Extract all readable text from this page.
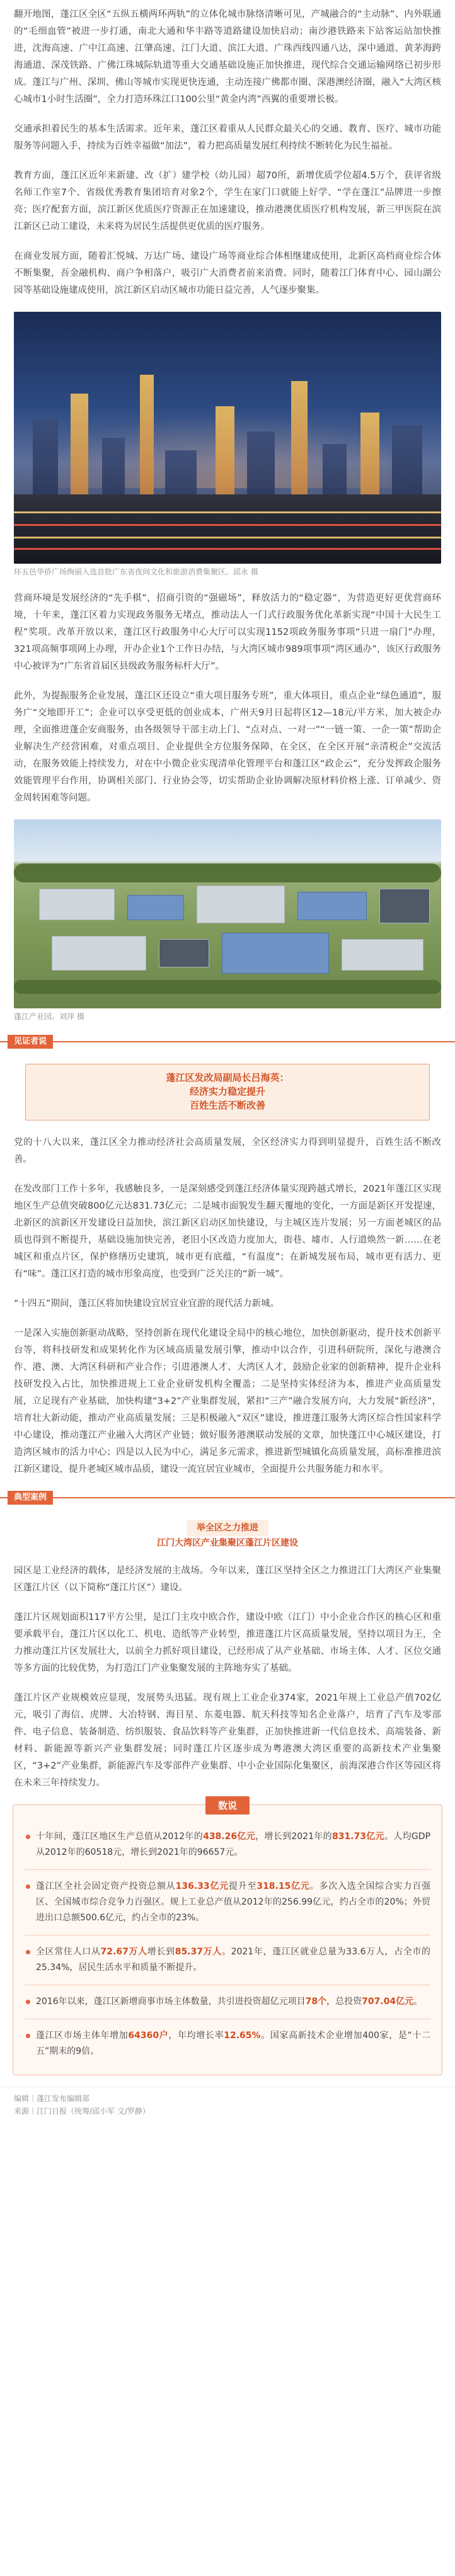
翻开地图，蓬江区全区“五纵五横两环两轨”的立体化城市脉络清晰可见，产城融合的“主动脉”、内外联通的“毛细血管”被进一步打通，南北大通和华丰路等道路建设加快启动；南沙港铁路来下站客运站加快推进，沈海高速、广中江高速、江肇高速、江门大道、滨江大道、广珠西线四通八达，深中通道、黄茅海跨海通道、深茂铁路、广佛江珠城际轨道等重大交通基础设施正加快推进，现代综合交通运输网络已初步形成。蓬江与广州、深圳、佛山等城市实现更快连通，主动连接广佛都市圈、深港澳经济圈，融入“大湾区核心城市1小时生活圈”，全力打造环珠江口100公里“黄金内湾”西翼的重要增长极。

交通承担着民生的基本生活需求。近年来，蓬江区着重从人民群众最关心的交通、教育、医疗、城市功能服务等问题入手，持续为百姓幸福做“加法”，着力把高质量发展红利持续不断转化为民生福祉。

教育方面，蓬江区近年来新建、改（扩）建学校（幼儿园）超70所，新增优质学位超4.5万个，获评省级名师工作室7个、省级优秀教育集团培育对象2个，学生在家门口就能上好学、“学在蓬江”品牌进一步擦亮；医疗配套方面，滨江新区优质医疗资源正在加速建设，推动港澳优质医疗机构发展，新三甲医院在滨江新区已动工建设，未来将为居民生活提供更优质的医疗服务。

在商业发展方面，随着汇悦城、万达广场、建设广场等商业综合体相继建成使用，北新区高档商业综合体不断集聚，吾金融机构、商户争相落户，吸引广大消费者前来消费。同时，随着江门体育中心、园山湖公园等基础设施建成使用，滨江新区启动区城市功能日益完善，人气逐步聚集。

环五邑华侨广场绚丽入选首批广东省夜间文化和旅游消费集聚区。邱永 摄

营商环境是发展经济的“先手棋”，招商引资的“强磁场”，释放活力的“稳定器”，为营造更好更优营商环境，十年来，蓬江区着力实现政务服务无堵点，推动法人一门式行政服务优化革新实现“中国十大民生工程”奖项。改革开放以来，蓬江区行政服务中心大厅可以实现1152项政务服务事项“只进一扇门”办理，321项高频事项网上办理，开办企业1个工作日办结，与大湾区城市989项事项“湾区通办”，该区行政服务中心被评为“广东省首届区县级政务服务标杆大厅”。

此外，为提振服务企业发展，蓬江区还设立“重大项目服务专班”，重大体项目，重点企业“绿色通道”，服务广“交地即开工”；企业可以享受更低的创业成本，广州天9月日起将区12—18元/平方米，加大被企办理，全面推进蓬企安商服务，由各级领导干部主动上门、“点对点、一对一”“一链一策、一企一策”帮助企业解决生产经营困难，对重点项目、企业提供全方位服务保障，在全区，在全区开展“亲清税企”交流活动，在服务效能上持续发力，对在中小微企业实现清单化管理平台和蓬江区“政企云”，充分发挥政企服务效能管理平台作用，协调相关部门、行业协会等，切实帮助企业协调解决原材料价格上涨、订单减少、资金周转困难等问题。

蓬江产业园。刘萍 摄
见证者说
蓬江区发改局副局长吕海英：
经济实力稳定提升
百姓生活不断改善

党的十八大以来，蓬江区全力推动经济社会高质量发展，全区经济实力得到明显提升，百姓生活不断改善。

在发改部门工作十多年，我感触良多，一是深刻感受到蓬江经济体量实现跨越式增长，2021年蓬江区实现地区生产总值突破800亿元达831.73亿元；二是城市面貌发生翻天覆地的变化，一方面是新区开发提速，北新区的滨新区开发建设日益加快，滨江新区启动区加快建设，与主城区连片发展；另一方面老城区的品质也得到不断提升，基础设施加快完善，老旧小区改造力度加大，街巷、墟市、人行道焕然一新……在老城区和重点片区，保护修缮历史建筑，城市更有底蕴，“有温度”；在新城发展布局，城市更有活力、更有“味”。蓬江区打造的城市形象高度，也受到广泛关注的“新一城”。

“十四五”期间，蓬江区将加快建设宜居宜业宜游的现代活力新城。

一是深入实施创新驱动战略，坚持创新在现代化建设全局中的核心地位，加快创新驱动，提升技术创新平台等，将科技研发和成果转化作为区域高质量发展引擎，推动中以合作，引进科研院所，深化与港澳合作、港、澳、大湾区科研和产业合作；引进港澳人才、大湾区人才，鼓励企业家的创新精神，提升企业科技研发投入占比，加快推进规上工业企业研发机构全覆盖；二是坚持实体经济为本，推进产业高质量发展，立足现有产业基础，加快构建“3+2”产业集群发展，紧扣“三产”融合发展方向，大力发展“新经济”，培育壮大新动能，推动产业高质量发展；三是积极融入“双区”建设，推进蓬江服务大湾区综合性国家科学中心建设，推动蓬江产业融入大湾区产业链；做好服务港澳联动发展的文章，加快蓬江中心城区建设，打造湾区城市的活力中心；四是以人民为中心，满足多元需求，推进新型城镇化高质量发展，高标准推进滨江新区建设，提升老城区城市品质，建设一流宜居宜业城市，全面提升公共服务能力和水平。

典型案例
举全区之力推进
江门大湾区产业集聚区蓬江片区建设

园区是工业经济的载体，是经济发展的主战场。今年以来，蓬江区坚持全区之力推进江门大湾区产业集聚区蓬江片区（以下简称“蓬江片区”）建设。

蓬江片区规划面积117平方公里，是江门主攻中欧合作，建设中欧（江门）中小企业合作区的核心区和重要承载平台，蓬江片区以化工、机电、造纸等产业转型，推进蓬江片区高质量发展，坚持以项目为王，全力推动蓬江片区发展壮大，以前全力抓好项目建设，已经形成了从产业基础、市场主体、人才、区位交通等多方面的比较优势，为打造江门产业集聚发展的主阵地夯实了基础。

蓬江片区产业规模效应显现，发展势头迅猛。现有规上工业企业374家，2021年规上工业总产值702亿元，吸引了海信、虎牌、大冶特钢、海目星、东菱电器、航天科技等知名企业落户，培育了汽车及零部件、电子信息、装备制造、纺织服装、食品饮料等产业集群，正加快推进新一代信息技术、高端装备、新材料、新能源等新兴产业集群发展；同时蓬江片区逐步成为粤港澳大湾区重要的高新技术产业集聚区，“3+2”产业集群，新能源汽车及零部件产业集群、中小企业国际化集聚区，前海深港合作区等园区将在未来三年持续发力。

数说
十年间，蓬江区地区生产总值从2012年的438.26亿元，增长到2021年的831.73亿元。人均GDP从2012年的60518元，增长到2021年的96657元。
蓬江区全社会固定资产投资总额从136.33亿元提升至318.15亿元。多次入选全国综合实力百强区、全国城市综合竞争力百强区。规上工业总产值从2012年的256.99亿元，约占全市的20%；外贸进出口总额500.6亿元，约占全市的23%。
全区常住人口从72.67万人增长到85.37万人。2021年，蓬江区就业总量为33.6万人，占全市的25.34%，居民生活水平和质量不断提升。
2016年以来，蓬江区新增商事市场主体数量，共引进投资超亿元项目78个，总投资707.04亿元。
蓬江区市场主体年增加64360户，年均增长率12.65%。国家高新技术企业增加400家，是“十二五”期末的9倍。
编辑｜蓬江发布编辑部
来源｜江门日报（统筹/邱小军 文/罗静）
